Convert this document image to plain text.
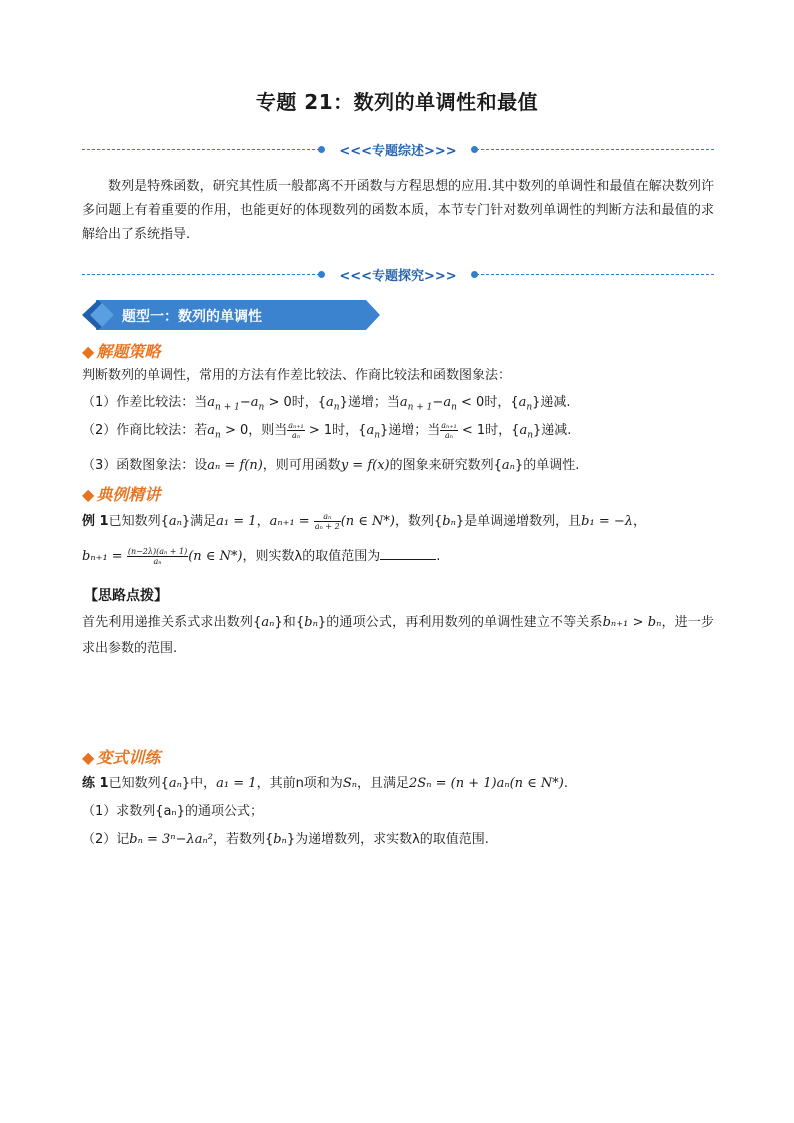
专题 21：数列的单调性和最值
<<<专题综述>>>
数列是特殊函数，研究其性质一般都离不开函数与方程思想的应用.其中数列的单调性和最值在解决数列许多问题上有着重要的作用，也能更好的体现数列的函数本质，本节专门针对数列单调性的判断方法和最值的求解给出了系统指导.
<<<专题探究>>>
题型一：数列的单调性
◆ 解题策略
判断数列的单调性，常用的方法有作差比较法、作商比较法和函数图象法：
（1）作差比较法：当$a_{n + 1}-a_n > 0$时，$\{a_n\}$递增；当$a_{n + 1}-a_n < 0$时，$\{a_n\}$递减.
（2）作商比较法：若$a_n > 0$，则当 $\frac{\text{aₙ₊₁}}{\text{aₙ}} > 1$时，$\{a_n\}$递增；当 $\frac{\text{aₙ₊₁}}{\text{aₙ}} < 1$时，$\{a_n\}$递减.
（3）函数图象法：设aₙ = f(n)，则可用函数y = f(x)的图象来研究数列{aₙ}的单调性.
◆ 典例精讲
例 1已知数列{aₙ}满足a₁ = 1，$a_{n+1} = \frac{\text{aₙ}}{\text{aₙ + 2}} (n$ ∈ N*)，数列{bₙ}是单调递增数列，且b₁ = −λ，
$b_{n+1} = \frac{\text{(n−2λ)(aₙ + 1)}}{\text{aₙ}} (n$ ∈ N*)，则实数λ的取值范围为	.
【思路点拨】
首先利用递推关系式求出数列{aₙ}和{bₙ}的通项公式，再利用数列的单调性建立不等关系bₙ₊₁ > bₙ，进一步求出参数的范围.
◆ 变式训练
练 1已知数列{aₙ}中，a₁ = 1，其前n项和为Sₙ，且满足2Sₙ = (n + 1)aₙ(n ∈ N*).
（1）求数列{aₙ}的通项公式；
（2）记bₙ = 3ⁿ−λaₙ²，若数列{bₙ}为递增数列，求实数λ的取值范围.
